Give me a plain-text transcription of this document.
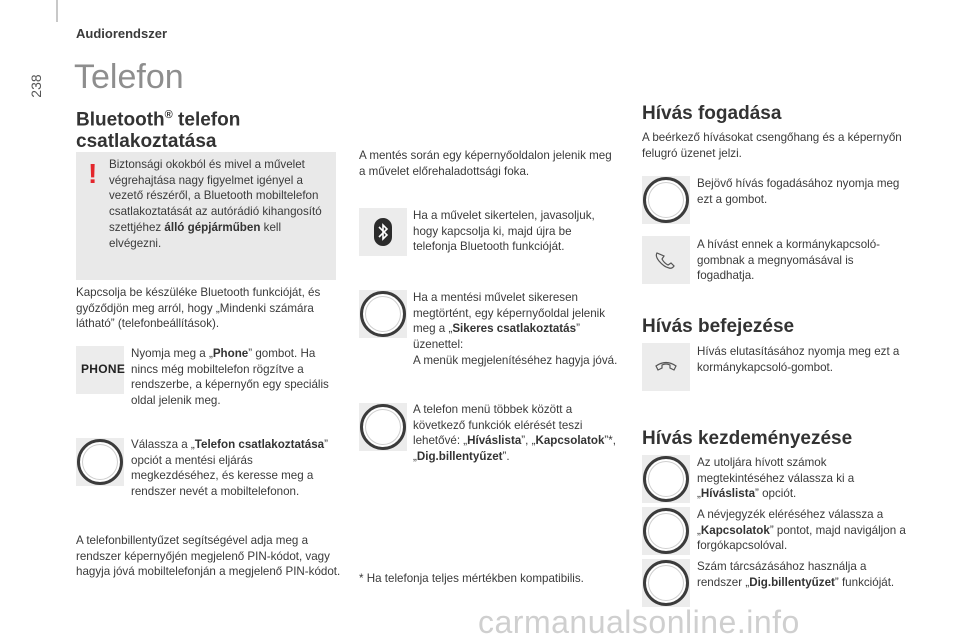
238
Audiorendszer
Telefon

Bluetooth® telefon
csatlakoztatása

! Biztonsági okokból és mivel a művelet végrehajtása nagy figyelmet igényel a vezető részéről, a Bluetooth mobiltelefon csatlakoztatását az autórádió kihangosító szettjéhez álló gépjárműben kell elvégezni.
Kapcsolja be készüléke Bluetooth funkcióját, és győződjön meg arról, hogy „Mindenki számára látható” (telefonbeállítások).
PHONE
Nyomja meg a „Phone” gombot. Ha nincs még mobiltelefon rögzítve a rendszerbe, a képernyőn egy speciális oldal jelenik meg.
Válassza a „Telefon csatlakoztatása” opciót a mentési eljárás megkezdéséhez, és keresse meg a rendszer nevét a mobiltelefonon.
A telefonbillentyűzet segítségével adja meg a rendszer képernyőjén megjelenő PIN-kódot, vagy hagyja jóvá mobiltelefonján a megjelenő PIN-kódot.
A mentés során egy képernyőoldalon jelenik meg a művelet előrehaladottsági foka.
Ha a művelet sikertelen, javasoljuk, hogy kapcsolja ki, majd újra be telefonja Bluetooth funkcióját.
Ha a mentési művelet sikeresen megtörtént, egy képernyőoldal jelenik meg a „Sikeres csatlakoztatás” üzenettel:
A menük megjelenítéséhez hagyja jóvá.
A telefon menü többek között a következő funkciók elérését teszi lehetővé: „Híváslista”, „Kapcsolatok”*, „Dig.billentyűzet”.
* Ha telefonja teljes mértékben kompatibilis.
Hívás fogadása
A beérkező hívásokat csengőhang és a képernyőn felugró üzenet jelzi.
Bejövő hívás fogadásához nyomja meg ezt a gombot.
A hívást ennek a kormánykapcsoló-gombnak a megnyomásával is fogadhatja.
Hívás befejezése
Hívás elutasításához nyomja meg ezt a kormánykapcsoló-gombot.
Hívás kezdeményezése
Az utoljára hívott számok megtekintéséhez válassza ki a „Híváslista” opciót.
A névjegyzék eléréséhez válassza a „Kapcsolatok” pontot, majd navigáljon a forgókapcsolóval.
Szám tárcsázásához használja a rendszer „Dig.billentyűzet” funkcióját.
carmanualsonline.info
